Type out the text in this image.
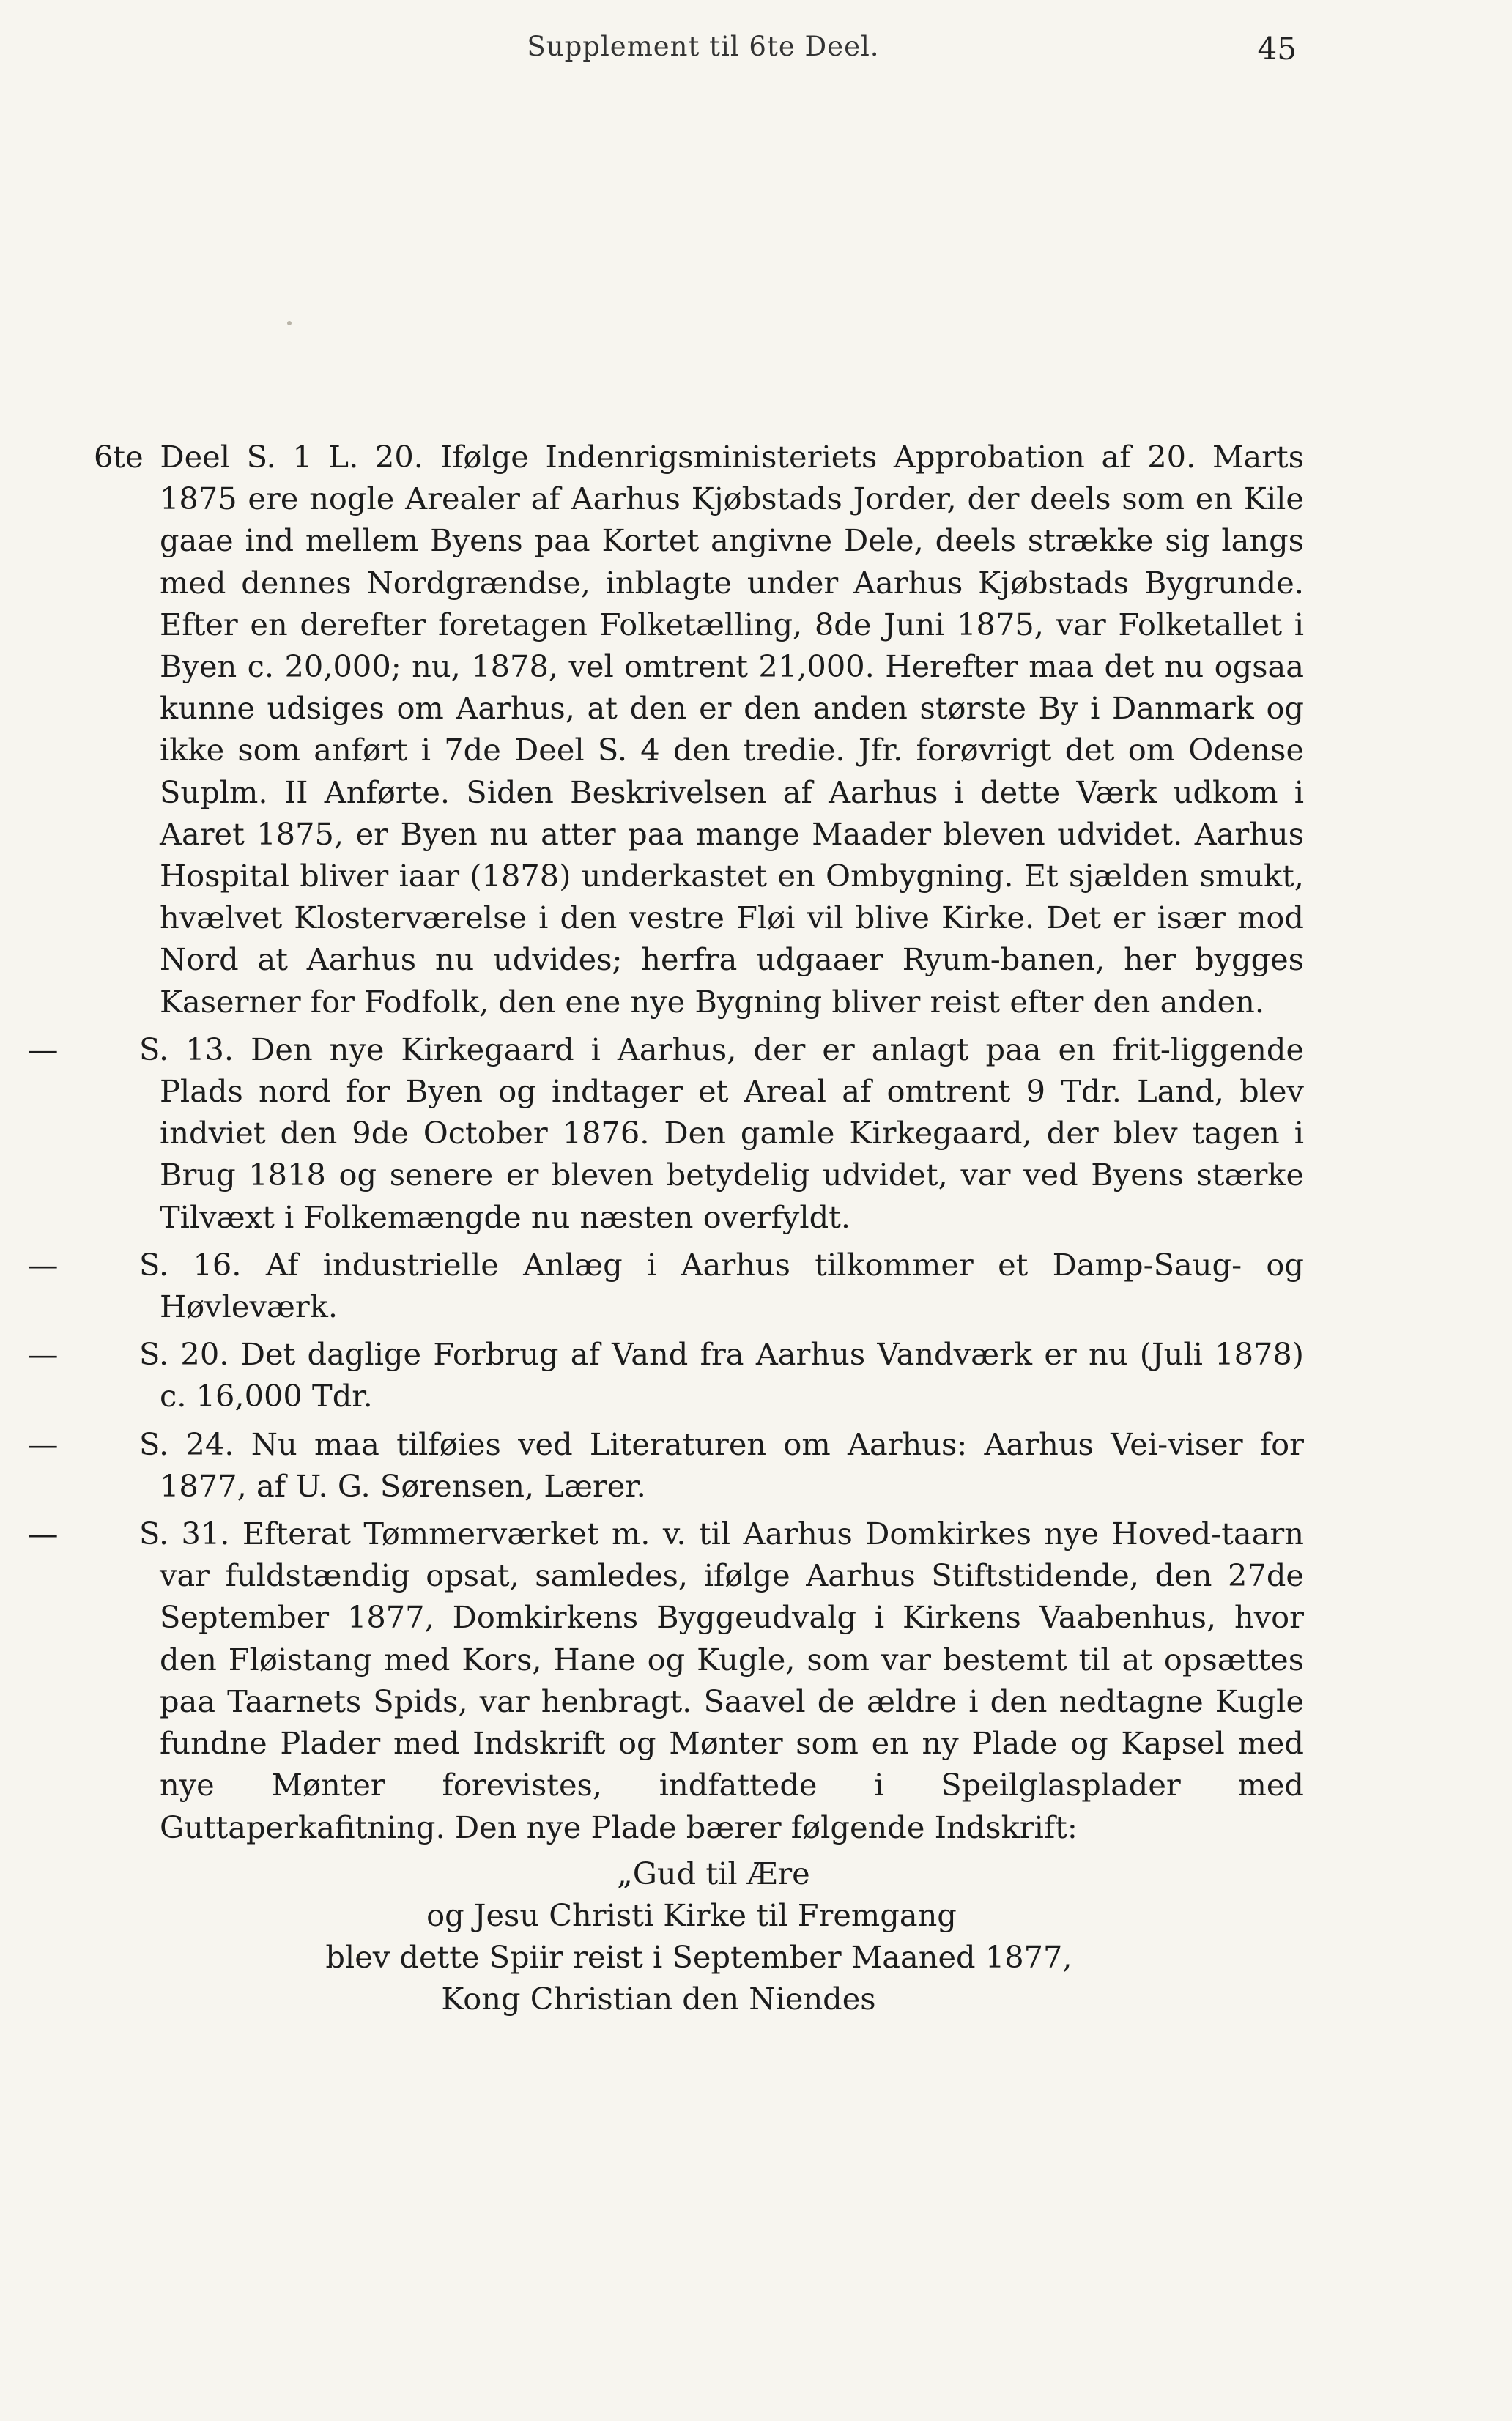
Supplement til 6te Deel.	45

6te Deel S. 1 L. 20. Ifølge Indenrigsministeriets Approbation af 20. Marts 1875 ere nogle Arealer af Aarhus Kjøbstads Jorder, der deels som en Kile gaae ind mellem Byens paa Kortet angivne Dele, deels strække sig langs med dennes Nordgrændse, inblagte under Aarhus Kjøbstads Bygrunde. Efter en derefter foretagen Folketælling, 8de Juni 1875, var Folketallet i Byen c. 20,000; nu, 1878, vel omtrent 21,000. Herefter maa det nu ogsaa kunne udsiges om Aarhus, at den er den anden største By i Danmark og ikke som anført i 7de Deel S. 4 den tredie. Jfr. forøvrigt det om Odense Suplm. II Anførte. Siden Beskrivelsen af Aarhus i dette Værk udkom i Aaret 1875, er Byen nu atter paa mange Maader bleven udvidet. Aarhus Hospital bliver iaar (1878) underkastet en Ombygning. Et sjælden smukt, hvælvet Klosterværelse i den vestre Fløi vil blive Kirke. Det er især mod Nord at Aarhus nu udvides; herfra udgaaer Ryum-banen, her bygges Kaserner for Fodfolk, den ene nye Bygning bliver reist efter den anden.

—	S. 13. Den nye Kirkegaard i Aarhus, der er anlagt paa en frit-liggende Plads nord for Byen og indtager et Areal af omtrent 9 Tdr. Land, blev indviet den 9de October 1876. Den gamle Kirkegaard, der blev tagen i Brug 1818 og senere er bleven betydelig udvidet, var ved Byens stærke Tilvæxt i Folkemængde nu næsten overfyldt.

—	S. 16. Af industrielle Anlæg i Aarhus tilkommer et Damp-Saug- og Høvleværk.

—	S. 20. Det daglige Forbrug af Vand fra Aarhus Vandværk er nu (Juli 1878) c. 16,000 Tdr.

—	S. 24. Nu maa tilføies ved Literaturen om Aarhus: Aarhus Vei-viser for 1877, af U. G. Sørensen, Lærer.

—	S. 31. Efterat Tømmerværket m. v. til Aarhus Domkirkes nye Hoved-taarn var fuldstændig opsat, samledes, ifølge Aarhus Stiftstidende, den 27de September 1877, Domkirkens Byggeudvalg i Kirkens Vaabenhus, hvor den Fløistang med Kors, Hane og Kugle, som var bestemt til at opsættes paa Taarnets Spids, var henbragt. Saavel de ældre i den nedtagne Kugle fundne Plader med Indskrift og Mønter som en ny Plade og Kapsel med nye Mønter forevistes, indfattede i Speilglasplader med Guttaperkafitning. Den nye Plade bærer følgende Indskrift:

„Gud til Ære
og Jesu Christi Kirke til Fremgang
blev dette Spiir reist i September Maaned 1877,
Kong Christian den Niendes
